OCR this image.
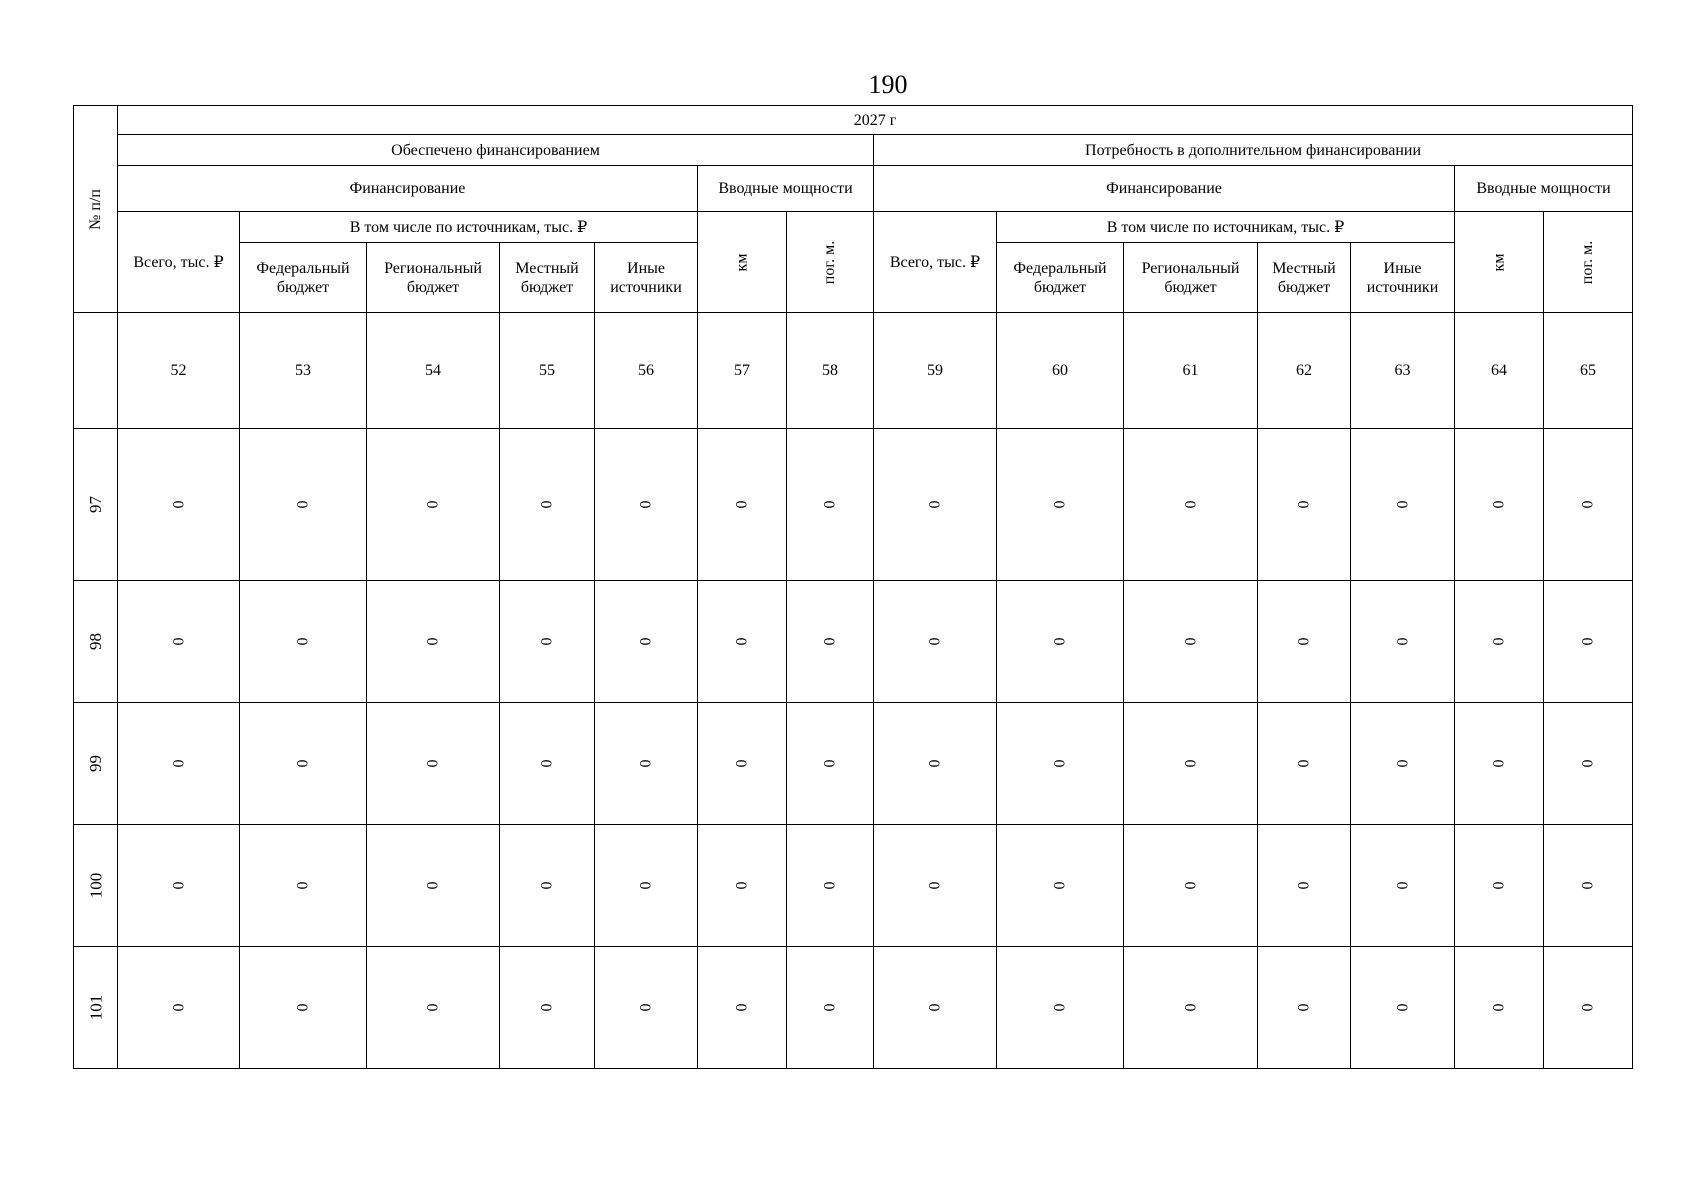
190
№ п/п	2027 г													
	Обеспечено финансированием							Потребность в дополнительном финансировании						
	Финансирование					Вводные мощности		Финансирование					Вводные мощности	
	Всего, тыс. ₽	В том числе по источникам, тыс. ₽				км	пог. м.	Всего, тыс. ₽	В том числе по источникам, тыс. ₽				км	пог. м.
		Федеральный бюджет	Региональный бюджет	Местный бюджет	Иные источники				Федеральный бюджет	Региональный бюджет	Местный бюджет	Иные источники		
	52	53	54	55	56	57	58	59	60	61	62	63	64	65
97	0	0	0	0	0	0	0	0	0	0	0	0	0	0
98	0	0	0	0	0	0	0	0	0	0	0	0	0	0
99	0	0	0	0	0	0	0	0	0	0	0	0	0	0
100	0	0	0	0	0	0	0	0	0	0	0	0	0	0
101	0	0	0	0	0	0	0	0	0	0	0	0	0	0
